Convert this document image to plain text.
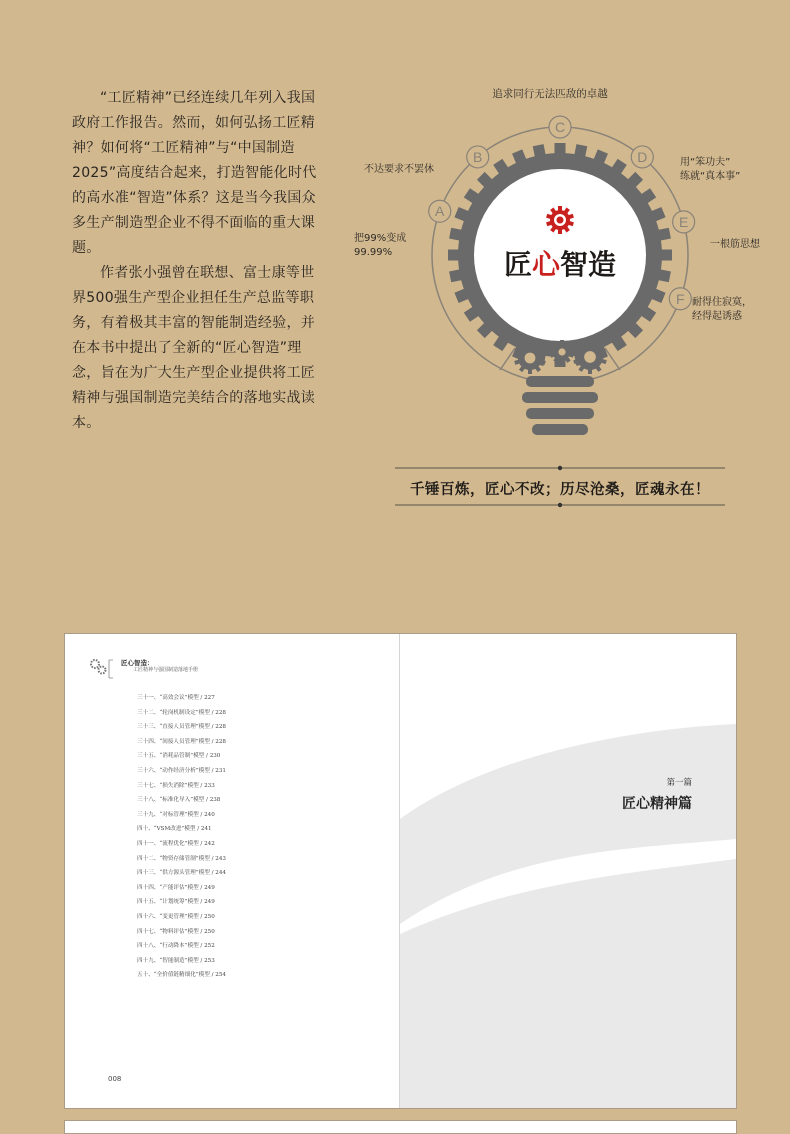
“工匠精神”已经连续几年列入我国政府工作报告。然而，如何弘扬工匠精神？如何将“工匠精神”与“中国制造2025”高度结合起来，打造智能化时代的高水准“智造”体系？这是当今我国众多生产制造型企业不得不面临的重大课题。

作者张小强曾在联想、富士康等世界500强生产型企业担任生产总监等职务，有着极其丰富的智能制造经验，并在本书中提出了全新的“匠心智造”理念，旨在为广大生产型企业提供将工匠精神与强国制造完美结合的落地实战读本。

A
B
C
D
E
F
追求同行无法匹敌的卓越
把99%变成
99.99%
不达要求不罢休
用“笨功夫”
练就“真本事”
一根筋思想
耐得住寂寞，
经得起诱惑
匠心智造
千锤百炼，匠心不改；历尽沧桑，匠魂永在！
匠心智造：
工匠精神与强国制造落地手册
三十一、“高效会议”模型 / 227
三十二、“轮岗机制设定”模型 / 228
三十三、“直接人员管理”模型 / 228
三十四、“间接人员管理”模型 / 228
三十五、“消耗品管制”模型 / 230
三十六、“动作经济分析”模型 / 231
三十七、“损失消除”模型 / 233
三十八、“标准化导入”模型 / 238
三十九、“对标管理”模型 / 240
四十、“VSM改进”模型 / 241
四十一、“流程优化”模型 / 242
四十二、“物资存储管制”模型 / 243
四十三、“供方源头管理”模型 / 244
四十四、“产能评估”模型 / 249
四十五、“计划统筹”模型 / 249
四十六、“变更管理”模型 / 250
四十七、“物料评估”模型 / 250
四十八、“行动降本”模型 / 252
四十九、“智能制造”模型 / 253
五十、“全价值链精细化”模型 / 254
008
第一篇
匠心精神篇
